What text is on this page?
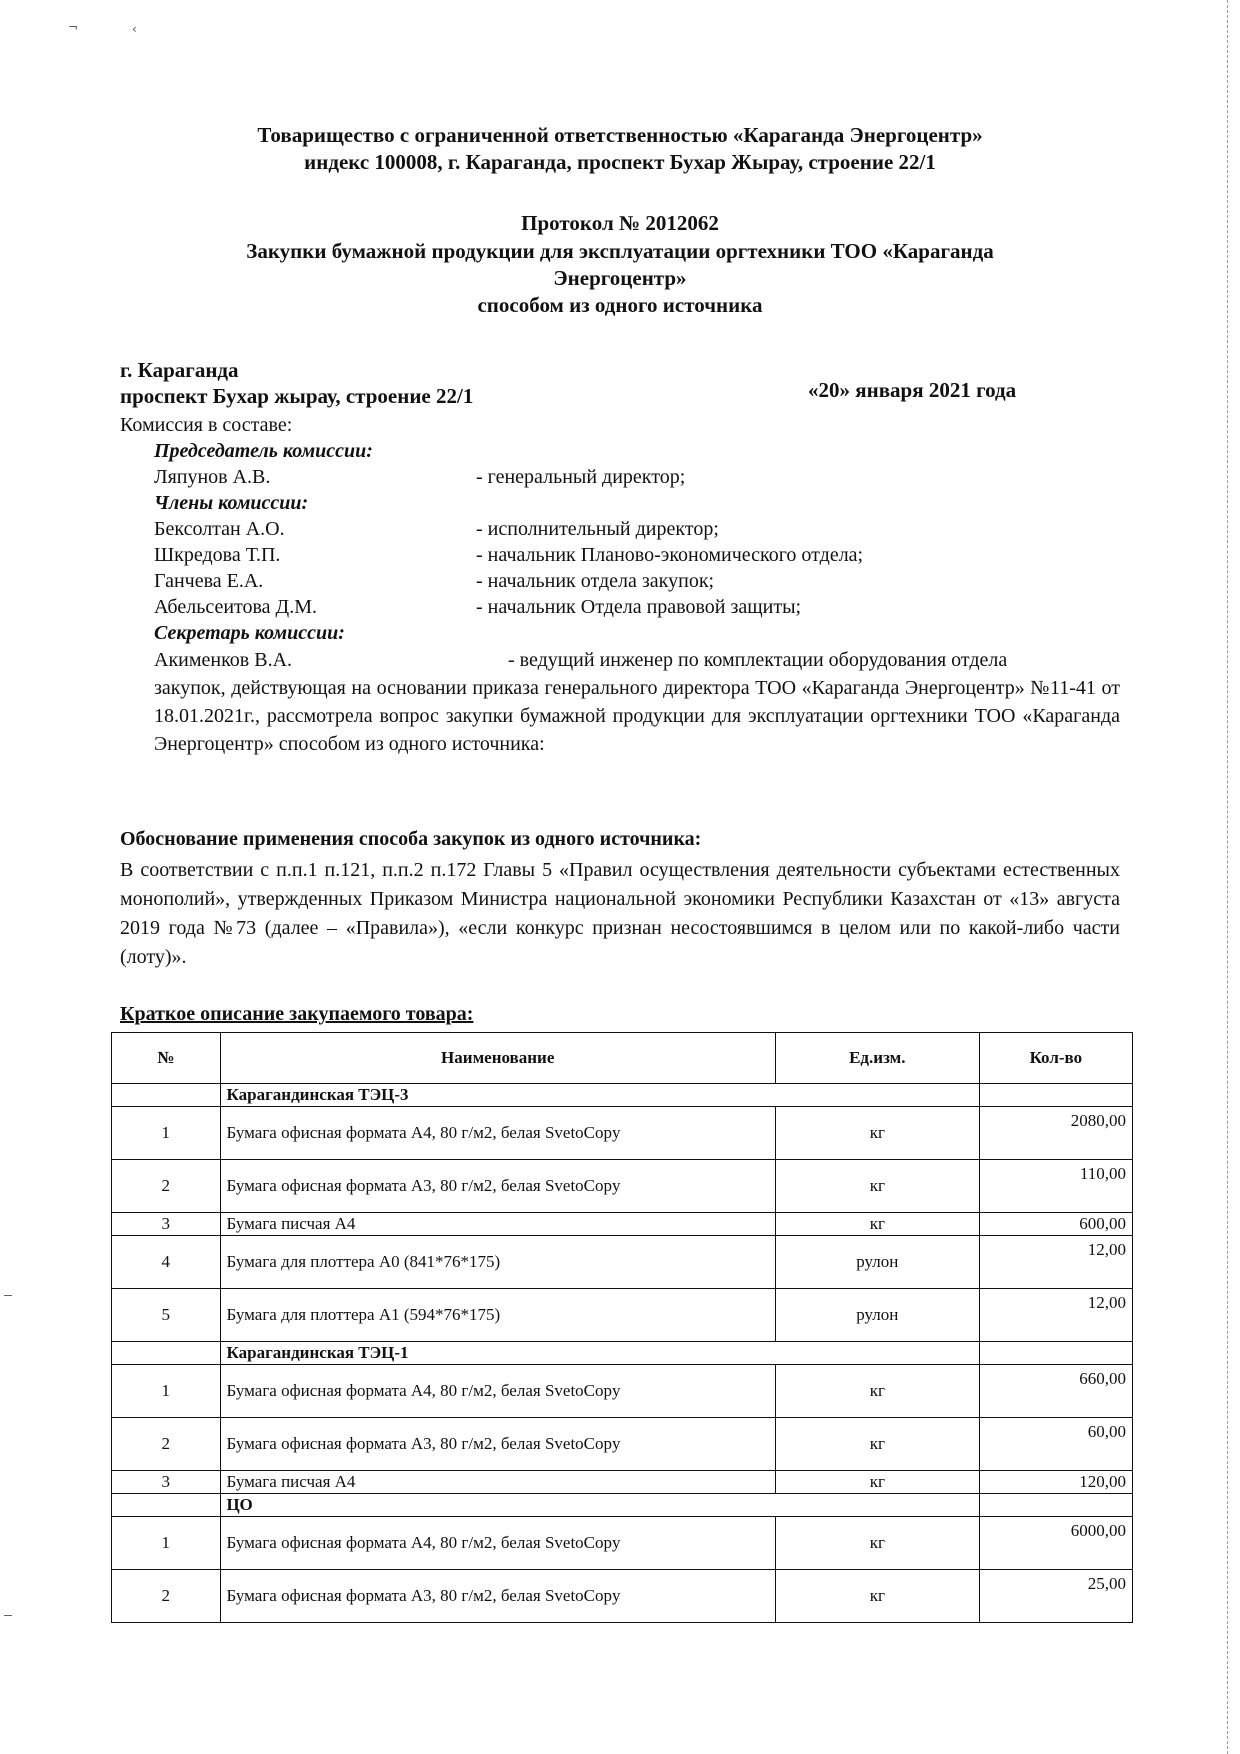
¬	‹
Товарищество с ограниченной ответственностью «Караганда Энергоцентр»
индекс 100008, г. Караганда, проспект Бухар Жырау, строение 22/1
Протокол № 2012062
Закупки бумажной продукции для эксплуатации оргтехники ТОО «Караганда
Энергоцентр»
способом из одного источника
г. Караганда
проспект Бухар жырау, строение 22/1	«20» января 2021 года
Комиссия в составе:
Председатель комиссии:
Ляпунов А.В.	- генеральный директор;
Члены комиссии:
Бексолтан А.О.	- исполнительный директор;
Шкредова Т.П.	- начальник Планово-экономического отдела;
Ганчева Е.А.	- начальник отдела закупок;
Абельсеитова Д.М.	- начальник Отдела правовой защиты;
Секретарь комиссии:
Акименков В.А.	- ведущий инженер по комплектации оборудования отдела
закупок, действующая на основании приказа генерального директора ТОО «Караганда Энергоцентр» №11-41 от 18.01.2021г., рассмотрела вопрос закупки бумажной продукции для эксплуатации оргтехники ТОО «Караганда Энергоцентр» способом из одного источника:
Обоснование применения способа закупок из одного источника:
В соответствии с п.п.1 п.121, п.п.2 п.172 Главы 5 «Правил осуществления деятельности субъектами естественных монополий», утвержденных Приказом Министра национальной экономики Республики Казахстан от «13» августа 2019 года №73 (далее – «Правила»), «если конкурс признан несостоявшимся в целом или по какой-либо части (лоту)».
Краткое описание закупаемого товара:
№	Наименование	Ед.изм.	Кол-во
	Карагандинская ТЭЦ-3		
1	Бумага офисная формата А4, 80 г/м2, белая SvetoCopy	кг	2080,00
2	Бумага офисная формата А3, 80 г/м2, белая SvetoCopy	кг	110,00
3	Бумага писчая А4	кг	600,00
4	Бумага для плоттера А0 (841*76*175)	рулон	12,00
5	Бумага для плоттера А1 (594*76*175)	рулон	12,00
	Карагандинская ТЭЦ-1		
1	Бумага офисная формата А4, 80 г/м2, белая SvetoCopy	кг	660,00
2	Бумага офисная формата А3, 80 г/м2, белая SvetoCopy	кг	60,00
3	Бумага писчая А4	кг	120,00
	ЦО		
1	Бумага офисная формата А4, 80 г/м2, белая SvetoCopy	кг	6000,00
2	Бумага офисная формата А3, 80 г/м2, белая SvetoCopy	кг	25,00
